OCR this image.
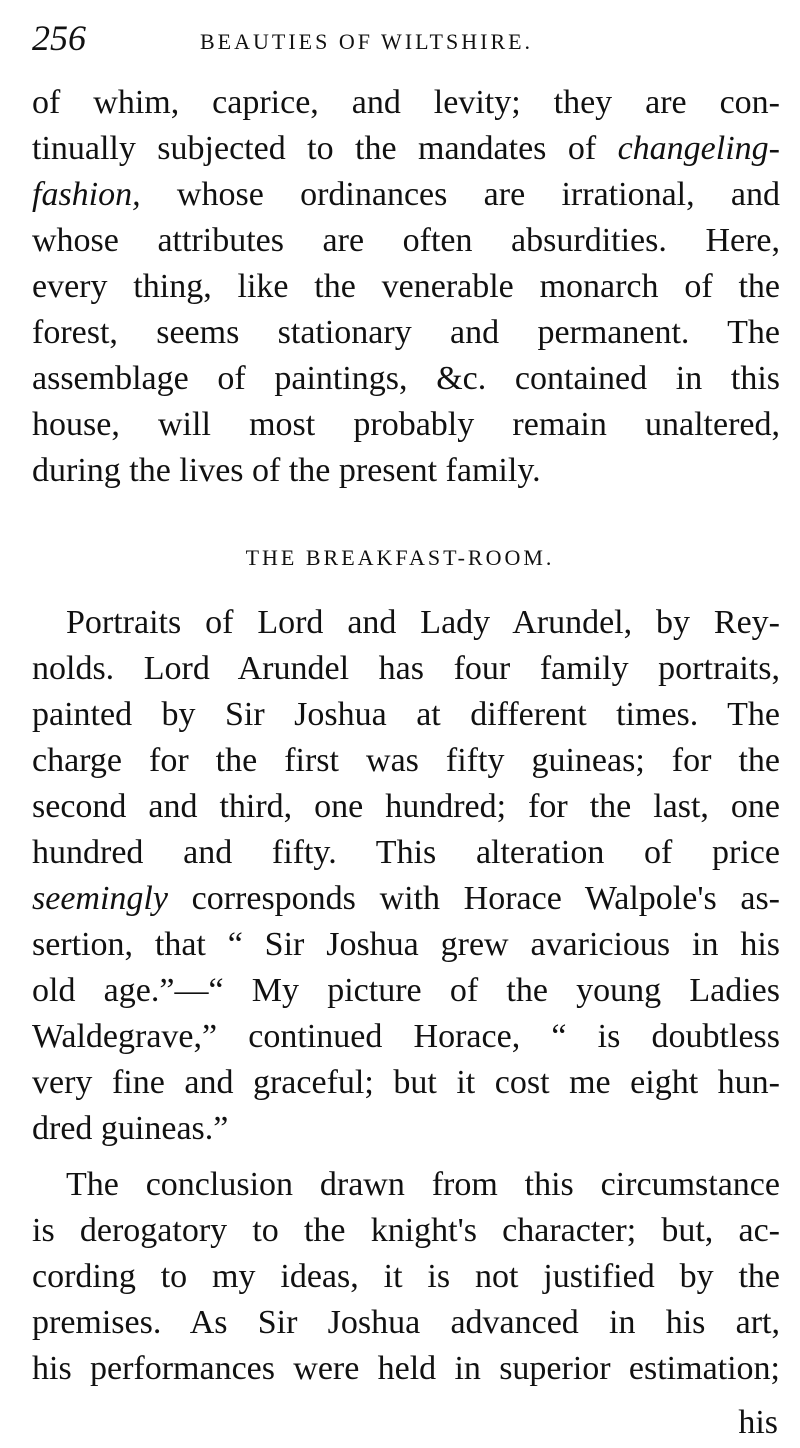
256	BEAUTIES OF WILTSHIRE.
of whim, caprice, and levity; they are con-
tinually subjected to the mandates of changeling-
fashion, whose ordinances are irrational, and
whose attributes are often absurdities. Here,
every thing, like the venerable monarch of the
forest, seems stationary and permanent. The
assemblage of paintings, &c. contained in this
house, will most probably remain unaltered,
during the lives of the present family.
THE BREAKFAST-ROOM.
Portraits of Lord and Lady Arundel, by Rey-
nolds. Lord Arundel has four family portraits,
painted by Sir Joshua at different times. The
charge for the first was fifty guineas; for the
second and third, one hundred; for the last, one
hundred and fifty. This alteration of price
seemingly corresponds with Horace Walpole's as-
sertion, that “ Sir Joshua grew avaricious in his
old age.”—“ My picture of the young Ladies
Waldegrave,” continued Horace, “ is doubtless
very fine and graceful; but it cost me eight hun-
dred guineas.”
The conclusion drawn from this circumstance
is derogatory to the knight's character; but, ac-
cording to my ideas, it is not justified by the
premises. As Sir Joshua advanced in his art,
his performances were held in superior estimation;
his
